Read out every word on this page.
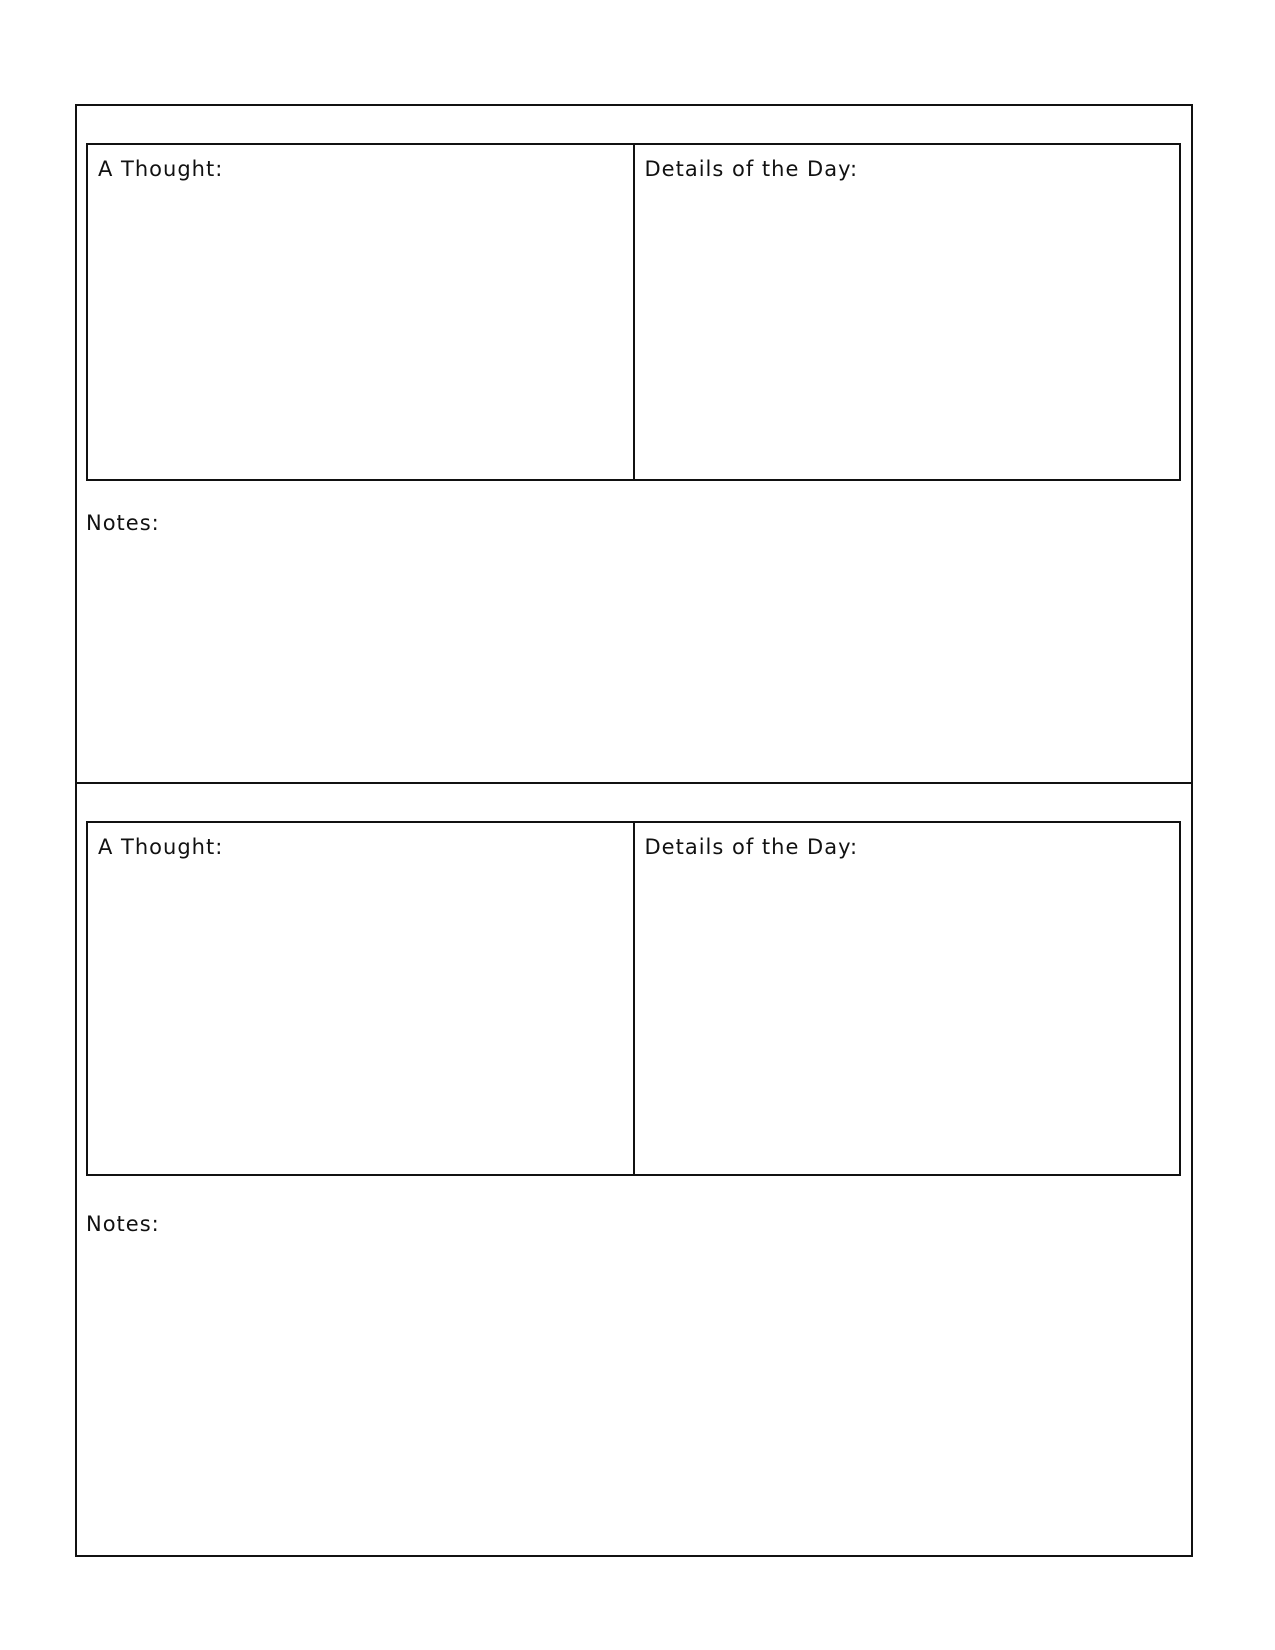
A Thought:	Details of the Day:
Notes:
A Thought:	Details of the Day:
Notes:
